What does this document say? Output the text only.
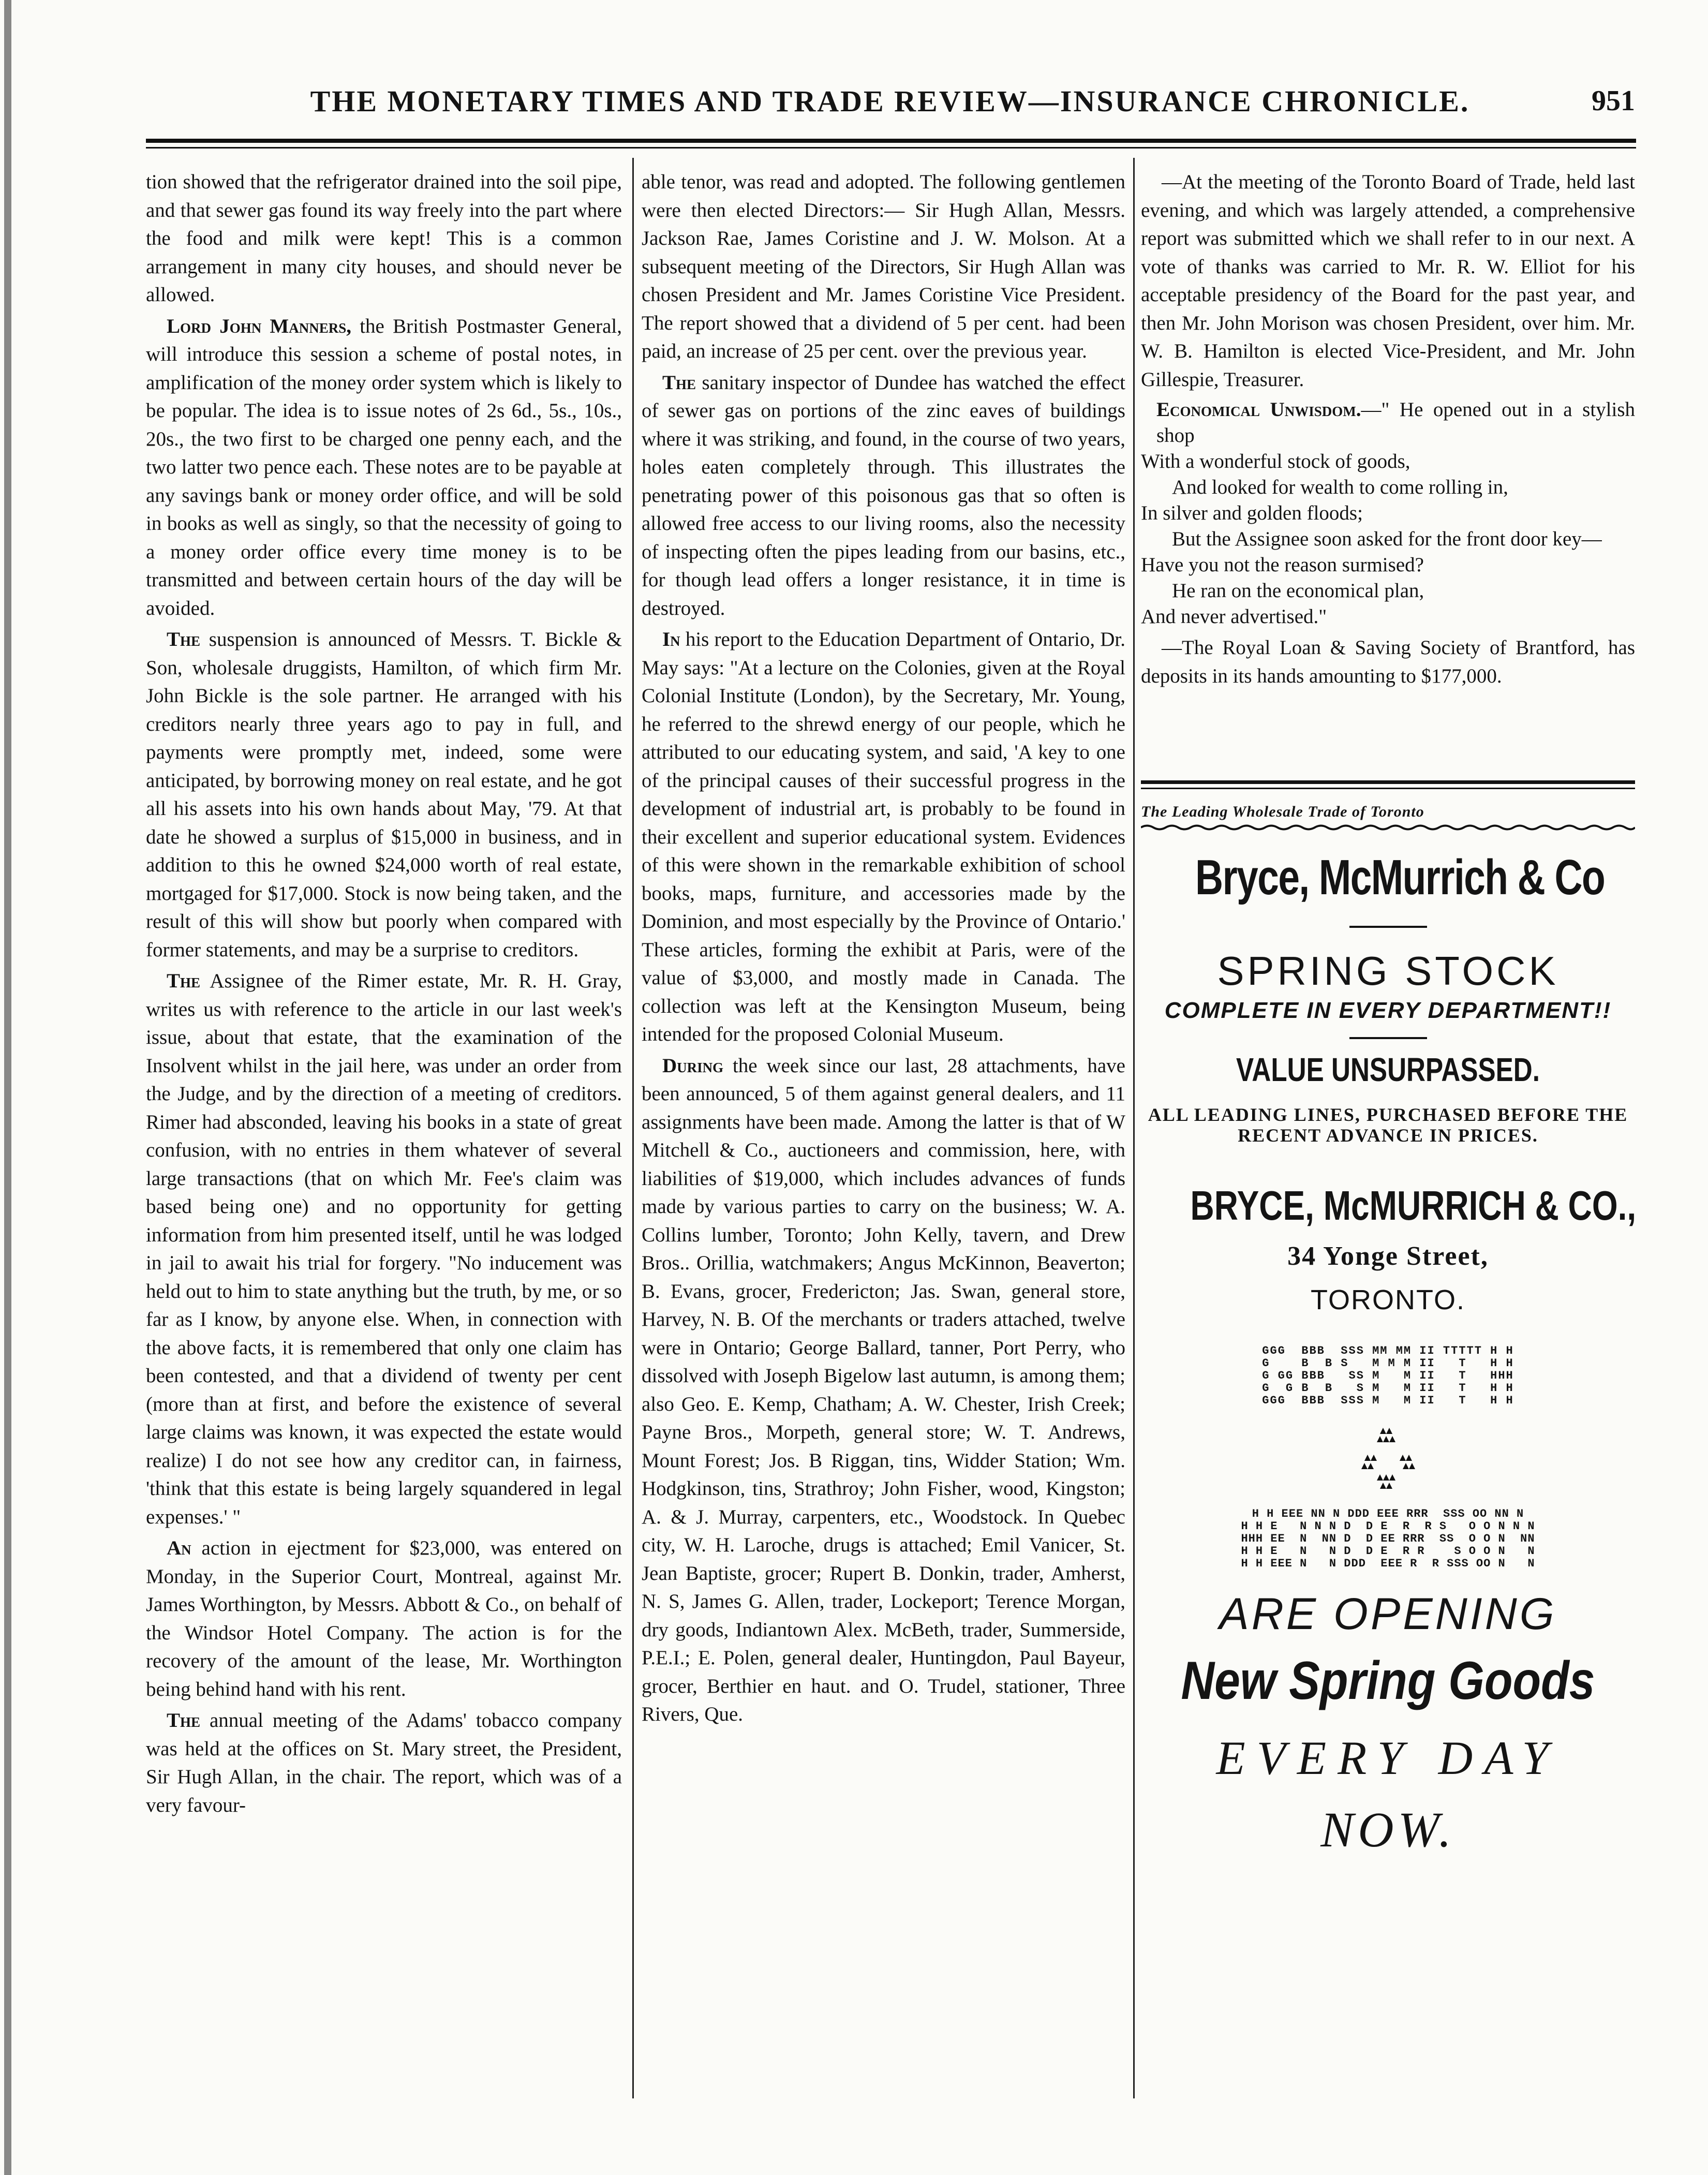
THE MONETARY TIMES AND TRADE REVIEW—INSURANCE CHRONICLE.	951

tion showed that the refrigerator drained into the soil pipe, and that sewer gas found its way freely into the part where the food and milk were kept! This is a common arrangement in many city houses, and should never be allowed.

Lord John Manners, the British Postmaster General, will introduce this session a scheme of postal notes, in amplification of the money order system which is likely to be popular. The idea is to issue notes of 2s 6d., 5s., 10s., 20s., the two first to be charged one penny each, and the two latter two pence each. These notes are to be payable at any savings bank or money order office, and will be sold in books as well as singly, so that the necessity of going to a money order office every time money is to be transmitted and between certain hours of the day will be avoided.

The suspension is announced of Messrs. T. Bickle & Son, wholesale druggists, Hamilton, of which firm Mr. John Bickle is the sole partner. He arranged with his creditors nearly three years ago to pay in full, and payments were promptly met, indeed, some were anticipated, by borrowing money on real estate, and he got all his assets into his own hands about May, '79. At that date he showed a surplus of $15,000 in business, and in addition to this he owned $24,000 worth of real estate, mortgaged for $17,000. Stock is now being taken, and the result of this will show but poorly when compared with former statements, and may be a surprise to creditors.

The Assignee of the Rimer estate, Mr. R. H. Gray, writes us with reference to the article in our last week's issue, about that estate, that the examination of the Insolvent whilst in the jail here, was under an order from the Judge, and by the direction of a meeting of creditors. Rimer had absconded, leaving his books in a state of great confusion, with no entries in them whatever of several large transactions (that on which Mr. Fee's claim was based being one) and no opportunity for getting information from him presented itself, until he was lodged in jail to await his trial for forgery. "No inducement was held out to him to state anything but the truth, by me, or so far as I know, by anyone else. When, in connection with the above facts, it is remembered that only one claim has been contested, and that a dividend of twenty per cent (more than at first, and before the existence of several large claims was known, it was expected the estate would realize) I do not see how any creditor can, in fairness, 'think that this estate is being largely squandered in legal expenses.' "

An action in ejectment for $23,000, was entered on Monday, in the Superior Court, Montreal, against Mr. James Worthington, by Messrs. Abbott & Co., on behalf of the Windsor Hotel Company. The action is for the recovery of the amount of the lease, Mr. Worthington being behind hand with his rent.

The annual meeting of the Adams' tobacco company was held at the offices on St. Mary street, the President, Sir Hugh Allan, in the chair. The report, which was of a very favour-

able tenor, was read and adopted. The following gentlemen were then elected Directors:— Sir Hugh Allan, Messrs. Jackson Rae, James Coristine and J. W. Molson. At a subsequent meeting of the Directors, Sir Hugh Allan was chosen President and Mr. James Coristine Vice President. The report showed that a dividend of 5 per cent. had been paid, an increase of 25 per cent. over the previous year.

The sanitary inspector of Dundee has watched the effect of sewer gas on portions of the zinc eaves of buildings where it was striking, and found, in the course of two years, holes eaten completely through. This illustrates the penetrating power of this poisonous gas that so often is allowed free access to our living rooms, also the necessity of inspecting often the pipes leading from our basins, etc., for though lead offers a longer resistance, it in time is destroyed.

In his report to the Education Department of Ontario, Dr. May says: "At a lecture on the Colonies, given at the Royal Colonial Institute (London), by the Secretary, Mr. Young, he referred to the shrewd energy of our people, which he attributed to our educating system, and said, 'A key to one of the principal causes of their successful progress in the development of industrial art, is probably to be found in their excellent and superior educational system. Evidences of this were shown in the remarkable exhibition of school books, maps, furniture, and accessories made by the Dominion, and most especially by the Province of Ontario.' These articles, forming the exhibit at Paris, were of the value of $3,000, and mostly made in Canada. The collection was left at the Kensington Museum, being intended for the proposed Colonial Museum.

During the week since our last, 28 attachments, have been announced, 5 of them against general dealers, and 11 assignments have been made. Among the latter is that of W Mitchell & Co., auctioneers and commission, here, with liabilities of $19,000, which includes advances of funds made by various parties to carry on the business; W. A. Collins lumber, Toronto; John Kelly, tavern, and Drew Bros.. Orillia, watchmakers; Angus McKinnon, Beaverton; B. Evans, grocer, Fredericton; Jas. Swan, general store, Harvey, N. B. Of the merchants or traders attached, twelve were in Ontario; George Ballard, tanner, Port Perry, who dissolved with Joseph Bigelow last autumn, is among them; also Geo. E. Kemp, Chatham; A. W. Chester, Irish Creek; Payne Bros., Morpeth, general store; W. T. Andrews, Mount Forest; Jos. B Riggan, tins, Widder Station; Wm. Hodgkinson, tins, Strathroy; John Fisher, wood, Kingston; A. & J. Murray, carpenters, etc., Woodstock. In Quebec city, W. H. Laroche, drugs is attached; Emil Vanicer, St. Jean Baptiste, grocer; Rupert B. Donkin, trader, Amherst, N. S, James G. Allen, trader, Lockeport; Terence Morgan, dry goods, Indiantown Alex. McBeth, trader, Summerside, P.E.I.; E. Polen, general dealer, Huntingdon, Paul Bayeur, grocer, Berthier en haut. and O. Trudel, stationer, Three Rivers, Que.

—At the meeting of the Toronto Board of Trade, held last evening, and which was largely attended, a comprehensive report was submitted which we shall refer to in our next. A vote of thanks was carried to Mr. R. W. Elliot for his acceptable presidency of the Board for the past year, and then Mr. John Morison was chosen President, over him. Mr. W. B. Hamilton is elected Vice-President, and Mr. John Gillespie, Treasurer.

Economical Unwisdom.—" He opened out in a stylish shop
With a wonderful stock of goods,
And looked for wealth to come rolling in,
In silver and golden floods;
But the Assignee soon asked for the front door key—
Have you not the reason surmised?
He ran on the economical plan,
And never advertised."

—The Royal Loan & Saving Society of Brantford, has deposits in its hands amounting to $177,000.

The Leading Wholesale Trade of Toronto
Bryce, McMurrich & Co
SPRING STOCK
COMPLETE IN EVERY DEPARTMENT!!
VALUE UNSURPASSED.
ALL LEADING LINES, PURCHASED BEFORE THE RECENT ADVANCE IN PRICES.
BRYCE, McMURRICH & CO.,
34 Yonge Street,
TORONTO.
GGG  BBB  SSS MM MM II TTTTT H H
G    B  B S   M M M II   T   H H
G GG BBB   SS M   M II   T   HHH
G  G B  B   S M   M II   T   H H
GGG  BBB  SSS M   M II   T   H H
H H EEE NN N DDD EEE RRR  SSS OO NN N
H H E   N N N D  D E  R  R S   O O N N N
HHH EE  N  NN D  D EE RRR  SS  O O N  NN
H H E   N   N D  D E  R R    S O O N   N
H H EEE N   N DDD  EEE R  R SSS OO N   N
ARE OPENING
New Spring Goods
EVERY DAY
NOW.
